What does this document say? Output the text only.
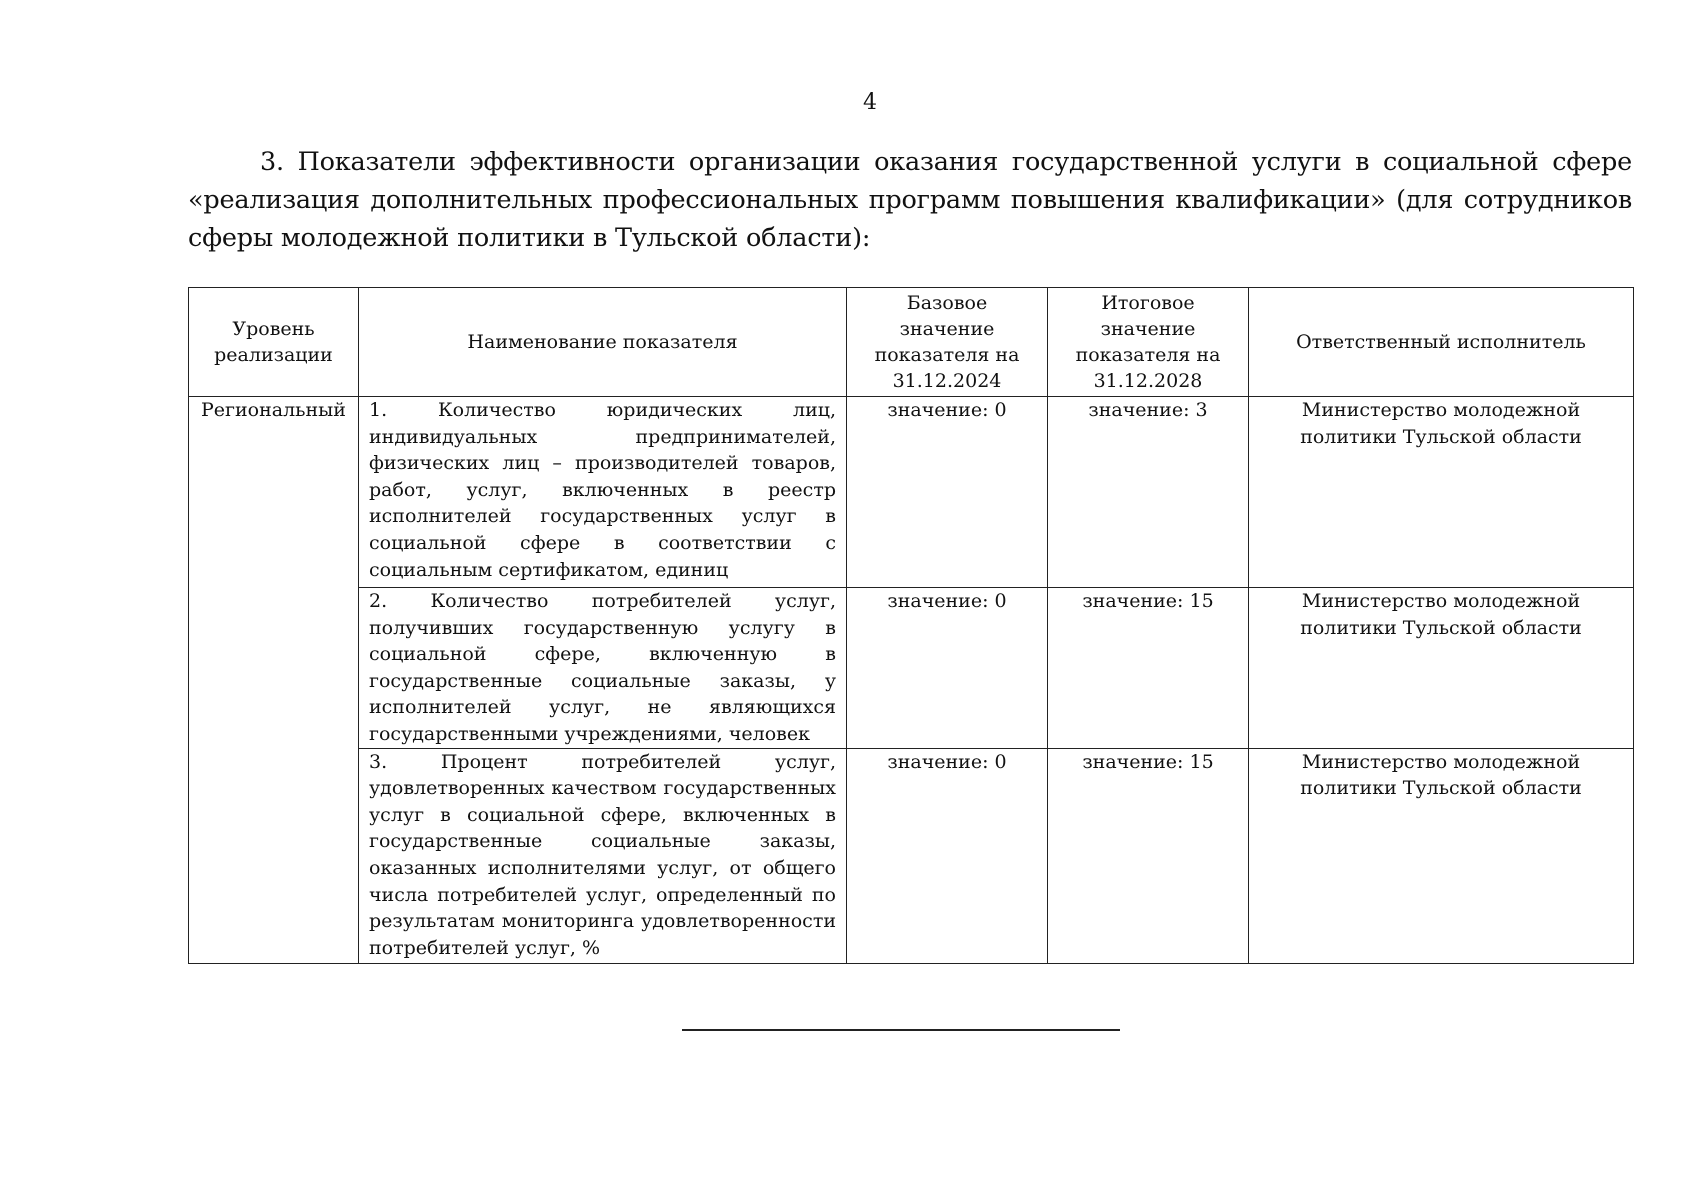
4
3. Показатели эффективности организации оказания государственной услуги в социальной сфере «реализация дополнительных профессиональных программ повышения квалификации» (для сотрудников сферы молодежной политики в Тульской области):
Уровень реализации	Наименование показателя	Базовое значение показателя на 31.12.2024	Итоговое значение показателя на 31.12.2028	Ответственный исполнитель
Региональный	1. Количество юридических лиц, индивидуальных предпринимателей, физических лиц – производителей товаров, работ, услуг, включенных в реестр исполнителей государственных услуг в социальной сфере в соответствии с социальным сертификатом, единиц	значение: 0	значение: 3	Министерство молодежной политики Тульской области
	2. Количество потребителей услуг, получивших государственную услугу в социальной сфере, включенную в государственные социальные заказы, у исполнителей услуг, не являющихся государственными учреждениями, человек	значение: 0	значение: 15	Министерство молодежной политики Тульской области
	3. Процент потребителей услуг, удовлетворенных качеством государственных услуг в социальной сфере, включенных в государственные социальные заказы, оказанных исполнителями услуг, от общего числа потребителей услуг, определенный по результатам мониторинга удовлетворенности потребителей услуг, %	значение: 0	значение: 15	Министерство молодежной политики Тульской области
